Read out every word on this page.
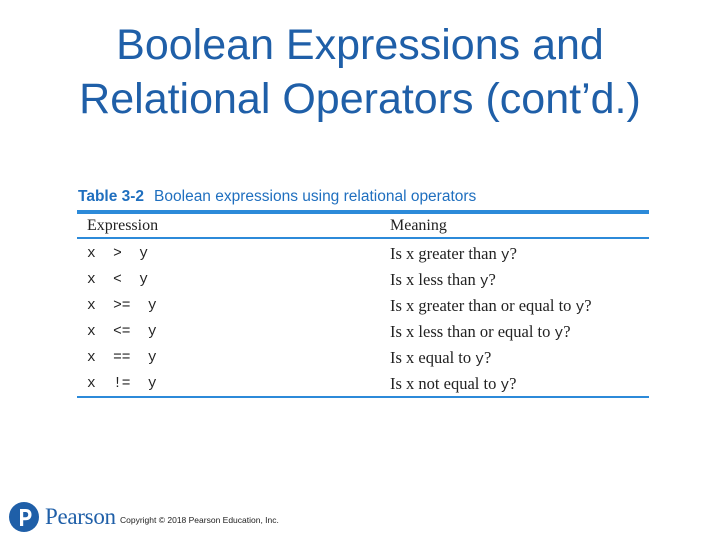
Boolean Expressions and
Relational Operators (cont’d.)
Table 3-2 Boolean expressions using relational operators
Expression	Meaning
x  >  y	Is x greater than y?
x  <  y	Is x less than y?
x  >=  y	Is x greater than or equal to y?
x  <=  y	Is x less than or equal to y?
x  ==  y	Is x equal to y?
x  !=  y	Is x not equal to y?
Pearson Copyright © 2018 Pearson Education, Inc.
